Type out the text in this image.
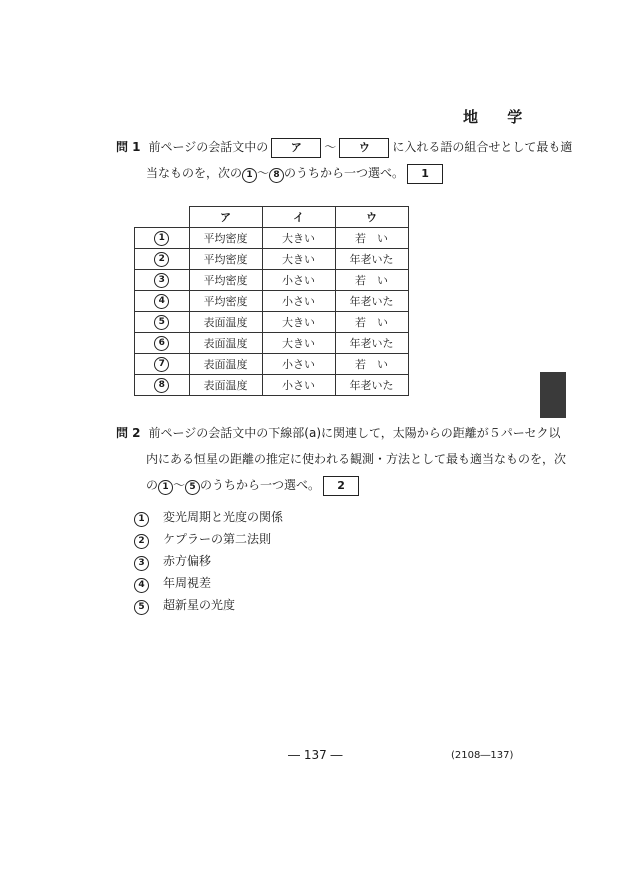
地 学
問 1 前ページの会話文中の ア ～ ウ に入れる語の組合せとして最も適
当なものを，次の 1 ～ 8 のうちから一つ選べ。 1
	ア	イ	ウ
1	平均密度	大きい	若　い
2	平均密度	大きい	年老いた
3	平均密度	小さい	若　い
4	平均密度	小さい	年老いた
5	表面温度	大きい	若　い
6	表面温度	大きい	年老いた
7	表面温度	小さい	若　い
8	表面温度	小さい	年老いた
問 2 前ページの会話文中の下線部(a)に関連して，太陽からの距離が５パーセク以
内にある恒星の距離の推定に使われる観測・方法として最も適当なものを，次
の 1 ～ 5 のうちから一つ選べ。 2
1 変光周期と光度の関係
2 ケプラーの第二法則
3 赤方偏移
4 年周視差
5 超新星の光度
― 137 ―	(2108―137)
